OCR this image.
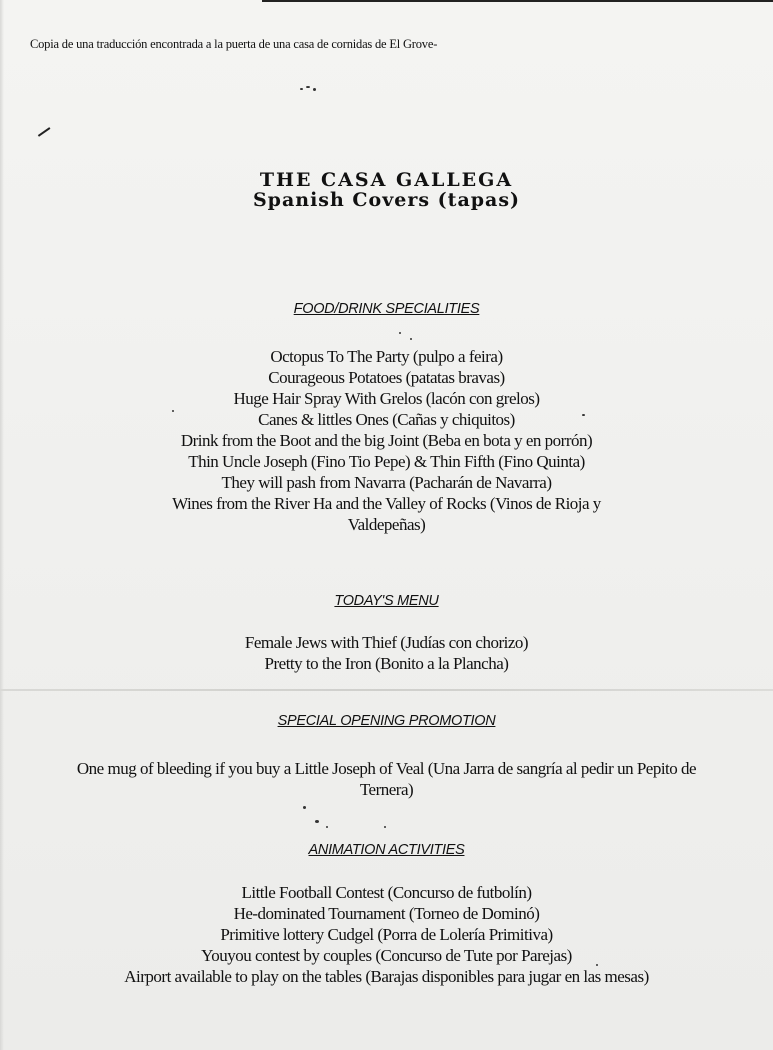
Copia de una traducción encontrada a la puerta de una casa de cornidas de El Grove-
THE CASA GALLEGA
Spanish Covers (tapas)
FOOD/DRINK SPECIALITIES
Octopus To The Party (pulpo a feira)
Courageous Potatoes (patatas bravas)
Huge Hair Spray With Grelos (lacón con grelos)
Canes & littles Ones (Cañas y chiquitos)
Drink from the Boot and the big Joint (Beba en bota y en porrón)
Thin Uncle Joseph (Fino Tio Pepe) & Thin Fifth (Fino Quinta)
They will pash from Navarra (Pacharán de Navarra)
Wines from the River Ha and the Valley of Rocks (Vinos de Rioja y
Valdepeñas)
TODAY'S MENU
Female Jews with Thief (Judías con chorizo)
Pretty to the Iron (Bonito a la Plancha)
SPECIAL OPENING PROMOTION
One mug of bleeding if you buy a Little Joseph of Veal (Una Jarra de sangría al pedir un Pepito de
Ternera)
ANIMATION ACTIVITIES
Little Football Contest (Concurso de futbolín)
He-dominated Tournament (Torneo de Dominó)
Primitive lottery Cudgel (Porra de Lolería Primitiva)
Youyou contest by couples (Concurso de Tute por Parejas)
Airport available to play on the tables (Barajas disponibles para jugar en las mesas)
